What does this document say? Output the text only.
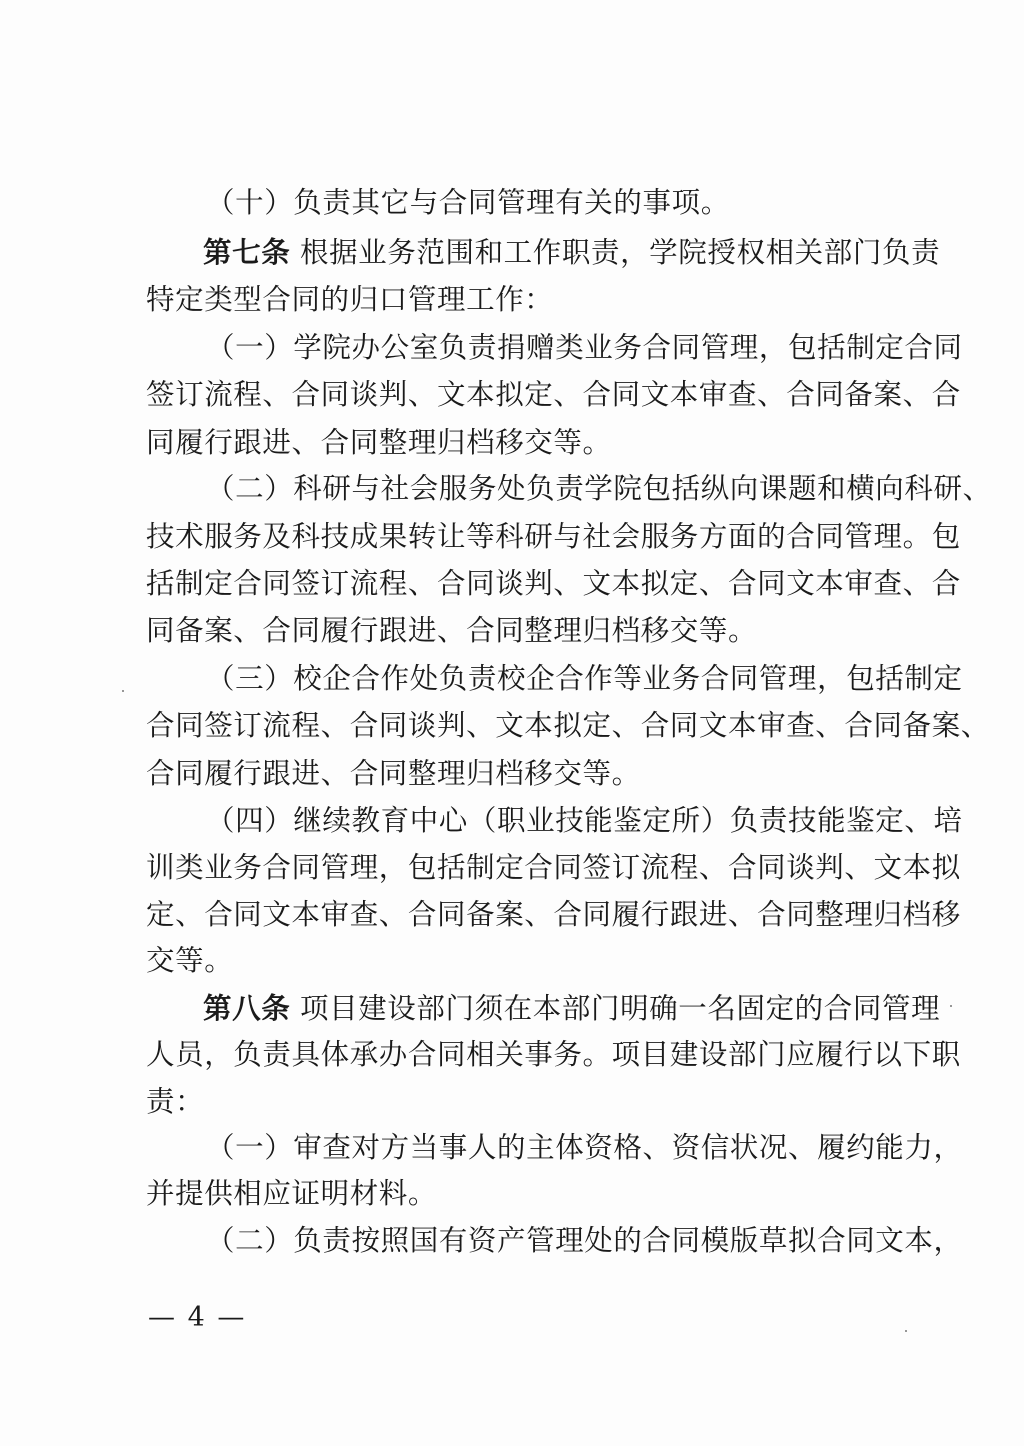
（十）负责其它与合同管理有关的事项。
第七条 根据业务范围和工作职责，学院授权相关部门负责
特定类型合同的归口管理工作：
（一）学院办公室负责捐赠类业务合同管理，包括制定合同
签订流程、合同谈判、文本拟定、合同文本审查、合同备案、合
同履行跟进、合同整理归档移交等。
（二）科研与社会服务处负责学院包括纵向课题和横向科研、
技术服务及科技成果转让等科研与社会服务方面的合同管理。包
括制定合同签订流程、合同谈判、文本拟定、合同文本审查、合
同备案、合同履行跟进、合同整理归档移交等。
（三）校企合作处负责校企合作等业务合同管理，包括制定
合同签订流程、合同谈判、文本拟定、合同文本审查、合同备案、
合同履行跟进、合同整理归档移交等。
（四）继续教育中心（职业技能鉴定所）负责技能鉴定、培
训类业务合同管理，包括制定合同签订流程、合同谈判、文本拟
定、合同文本审查、合同备案、合同履行跟进、合同整理归档移
交等。
第八条 项目建设部门须在本部门明确一名固定的合同管理
人员，负责具体承办合同相关事务。项目建设部门应履行以下职
责：
（一）审查对方当事人的主体资格、资信状况、履约能力，
并提供相应证明材料。
（二）负责按照国有资产管理处的合同模版草拟合同文本，
— 4 —
